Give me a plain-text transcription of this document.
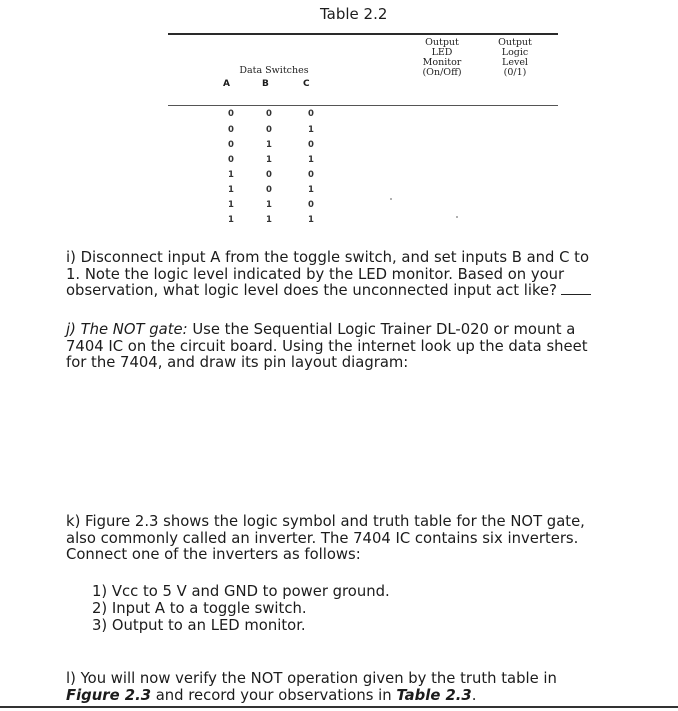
Table 2.2
Output
LED
Monitor
(On/Off)
Output
Logic
Level
(0/1)
Data Switches
A	B	C
0	0	0
0	0	1
0	1	0
0	1	1
1	0	0
1	0	1
1	1	0
1	1	1
i) Disconnect input A from the toggle switch, and set inputs B and C to
1. Note the logic level indicated by the LED monitor. Based on your
observation, what logic level does the unconnected input act like?
j) The NOT gate: Use the Sequential Logic Trainer DL-020 or mount a
7404 IC on the circuit board. Using the internet look up the data sheet
for the 7404, and draw its pin layout diagram:
k) Figure 2.3 shows the logic symbol and truth table for the NOT gate,
also commonly called an inverter. The 7404 IC contains six inverters.
Connect one of the inverters as follows:
1) Vcc to 5 V and GND to power ground.
2) Input A to a toggle switch.
3) Output to an LED monitor.
l) You will now verify the NOT operation given by the truth table in
Figure 2.3 and record your observations in Table 2.3.
